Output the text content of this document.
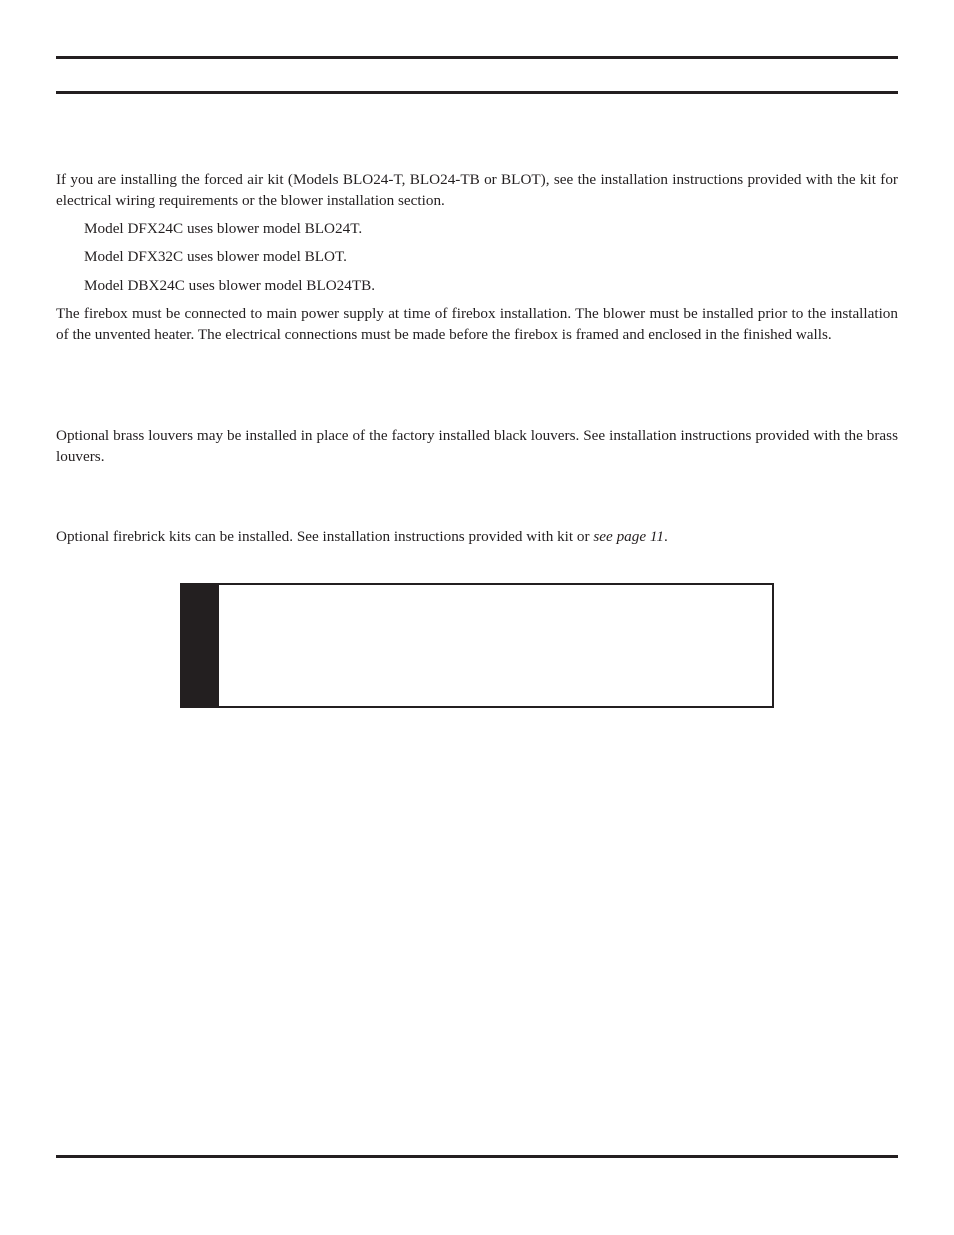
If you are installing the forced air kit (Models BLO24-T, BLO24-TB or BLOT), see the installation instructions provided with the kit for electrical wiring requirements or the blower installation section.

Model DFX24C uses blower model BLO24T.

Model DFX32C uses blower model BLOT.

Model DBX24C uses blower model BLO24TB.

The firebox must be connected to main power supply at time of firebox installation. The blower must be installed prior to the installation of the unvented heater. The electrical connections must be made before the firebox is framed and enclosed in the finished walls.

Optional brass louvers may be installed in place of the factory installed black louvers. See installation instructions provided with the brass louvers.

Optional firebrick kits can be installed. See installation instructions provided with kit or see page 11.
